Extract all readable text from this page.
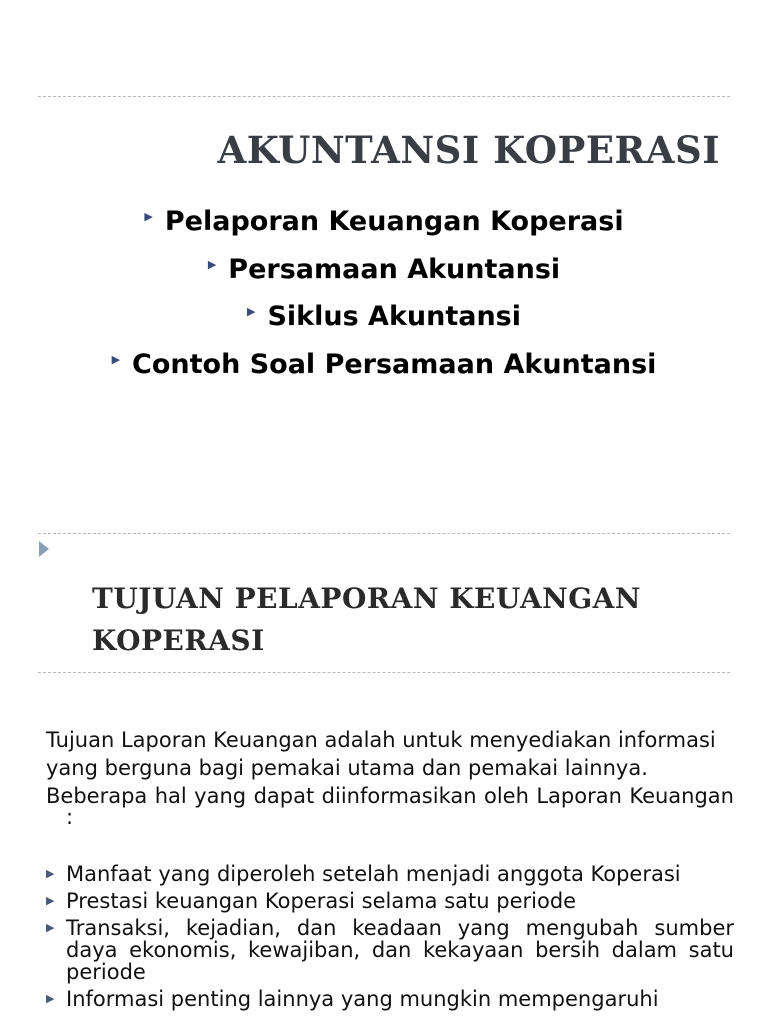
AKUNTANSI KOPERASI
▶ Pelaporan Keuangan Koperasi
▶ Persamaan Akuntansi
▶ Siklus Akuntansi
▶ Contoh Soal Persamaan Akuntansi
TUJUAN PELAPORAN KEUANGAN
KOPERASI

Tujuan Laporan Keuangan adalah untuk menyediakan informasi

yang berguna bagi pemakai utama dan pemakai lainnya.

Beberapa hal yang dapat diinformasikan oleh Laporan Keuangan :

▶ Manfaat yang diperoleh setelah menjadi anggota Koperasi
▶ Prestasi keuangan Koperasi selama satu periode
▶ Transaksi, kejadian, dan keadaan yang mengubah sumber daya ekonomis, kewajiban, dan kekayaan bersih dalam satu periode
▶ Informasi penting lainnya yang mungkin mempengaruhi
